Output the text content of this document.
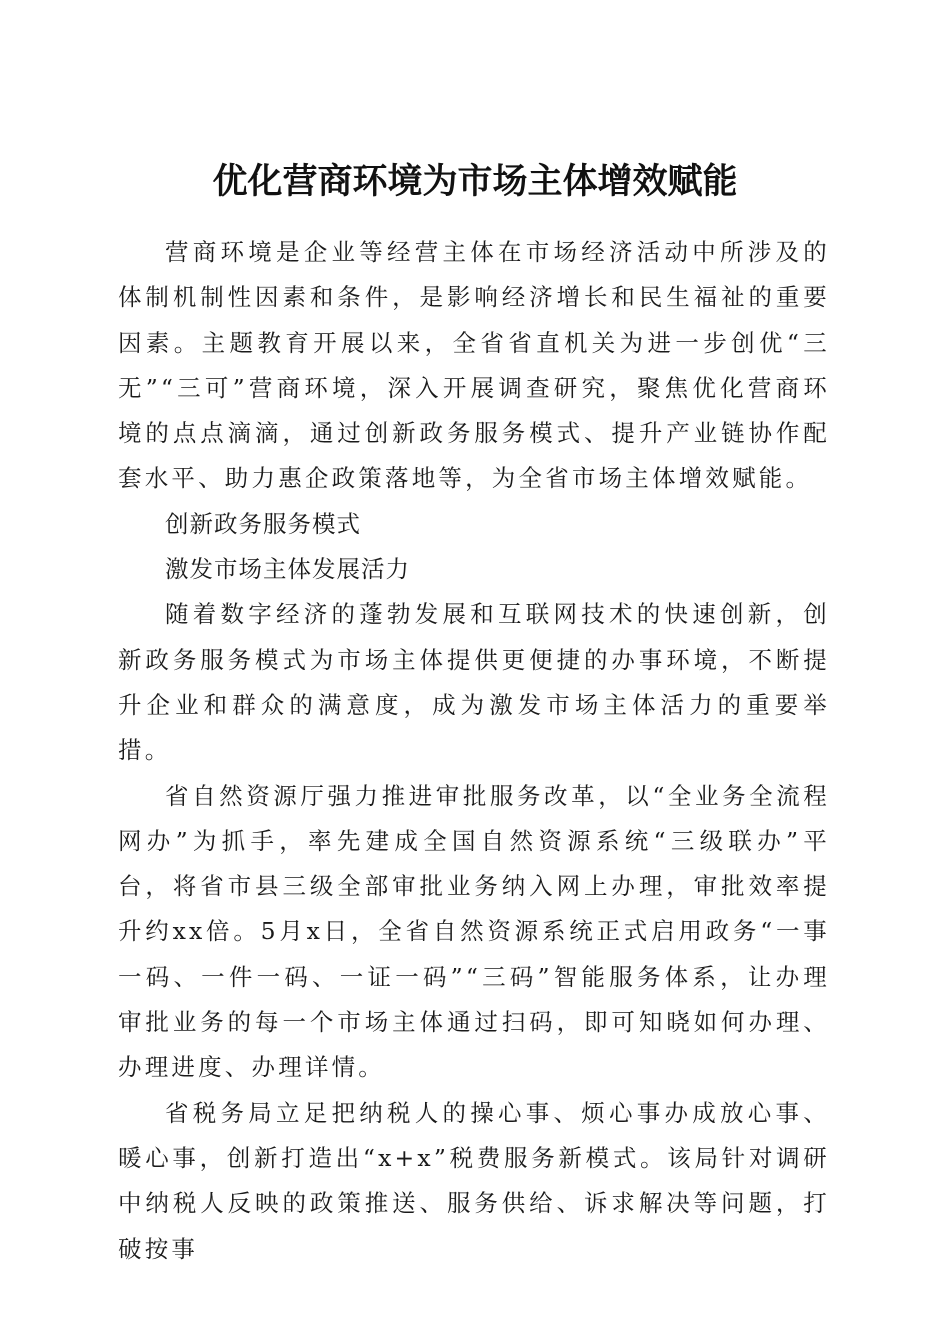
优化营商环境为市场主体增效赋能

营商环境是企业等经营主体在市场经济活动中所涉及的体制机制性因素和条件，是影响经济增长和民生福祉的重要因素。主题教育开展以来，全省省直机关为进一步创优“三无”“三可”营商环境，深入开展调查研究，聚焦优化营商环境的点点滴滴，通过创新政务服务模式、提升产业链协作配套水平、助力惠企政策落地等，为全省市场主体增效赋能。

创新政务服务模式

激发市场主体发展活力

随着数字经济的蓬勃发展和互联网技术的快速创新，创新政务服务模式为市场主体提供更便捷的办事环境，不断提升企业和群众的满意度，成为激发市场主体活力的重要举措。

省自然资源厅强力推进审批服务改革，以“全业务全流程网办”为抓手，率先建成全国自然资源系统“三级联办”平台，将省市县三级全部审批业务纳入网上办理，审批效率提升约xx倍。5月x日，全省自然资源系统正式启用政务“一事一码、一件一码、一证一码”“三码”智能服务体系，让办理审批业务的每一个市场主体通过扫码，即可知晓如何办理、办理进度、办理详情。

省税务局立足把纳税人的操心事、烦心事办成放心事、暖心事，创新打造出“x+x”税费服务新模式。该局针对调研中纳税人反映的政策推送、服务供给、诉求解决等问题，打破按事
